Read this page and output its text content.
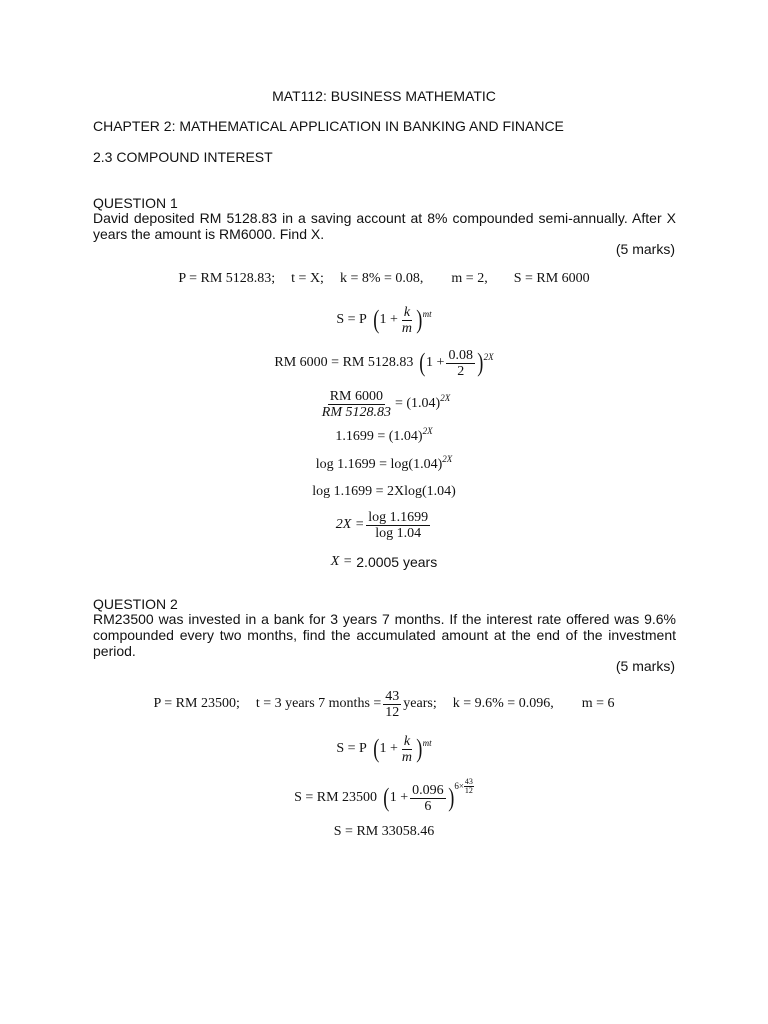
MAT112: BUSINESS MATHEMATIC
CHAPTER 2: MATHEMATICAL APPLICATION IN BANKING AND FINANCE
2.3 COMPOUND INTEREST
QUESTION 1
David deposited RM 5128.83 in a saving account at 8% compounded semi-annually. After X years the amount is RM6000. Find X.
(5 marks)
P = RM 5128.83; t = X; k = 8% = 0.08, m = 2, S = RM 6000
S = P ( $1 + \frac{k}{m} )^{mt}$
RM 6000 = RM 5128.83 ( $1 + \frac{0.08}{2} )^{2X}$
$\frac{RM 6000}{RM 5128.83} = (1.04)^{2X}$
$1.1699 = (1.04)^{2X}$
$\log 1.1699 = \log(1.04)^{2X}$
log 1.1699 = 2Xlog(1.04)
$2X = \frac{\log 1.1699}{\log 1.04}$
X = 2.0005 years
QUESTION 2
RM23500 was invested in a bank for 3 years 7 months. If the interest rate offered was 9.6% compounded every two months, find the accumulated amount at the end of the investment period.
(5 marks)
P = RM 23500; t = 3 years 7 months = $\frac{43}{12}$ years; k = 9.6% = 0.096, m = 6
S = P ( $1 + \frac{k}{m} )^{mt}$
S = RM 23500 ( $1 + \frac{0.096}{6}$ ) $6\times \frac{43}{12}$
S = RM 33058.46
